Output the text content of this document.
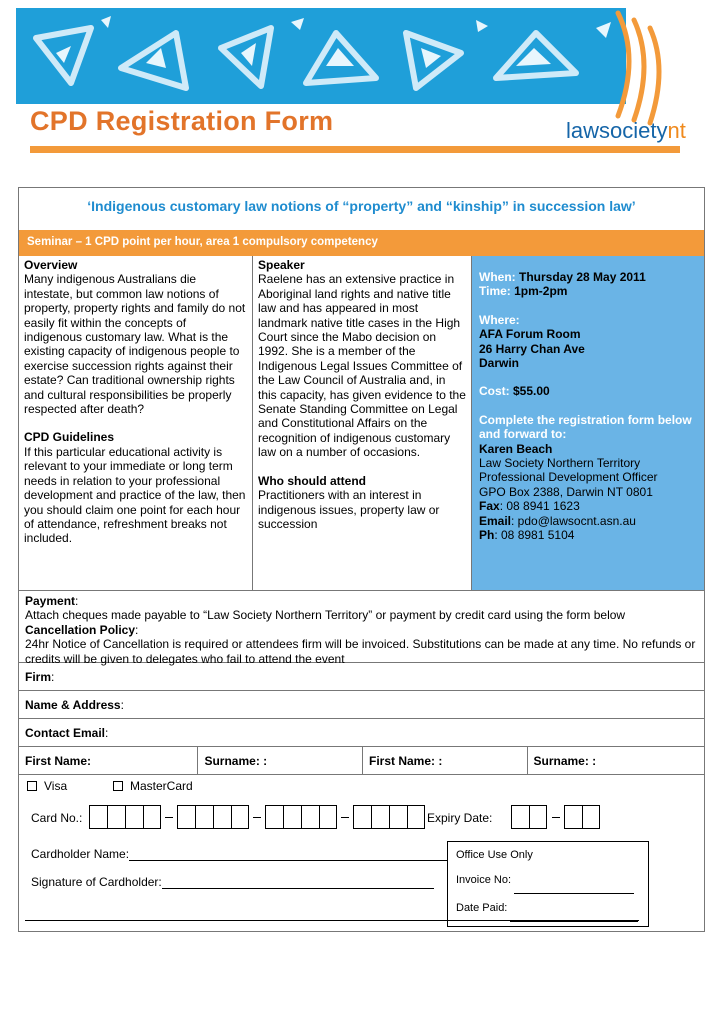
CPD Registration Form	lawsocietynt
‘Indigenous customary law notions of “property” and “kinship” in succession law’
Seminar – 1 CPD point per hour, area 1 compulsory competency
Overview
Many indigenous Australians die intestate, but common law notions of property, property rights and family do not easily fit within the concepts of indigenous customary law. What is the existing capacity of indigenous people to exercise succession rights against their estate? Can traditional ownership rights and cultural responsibilities be properly respected after death?
CPD Guidelines
If this particular educational activity is relevant to your immediate or long term needs in relation to your professional development and practice of the law, then you should claim one point for each hour of attendance, refreshment breaks not included.
Speaker
Raelene has an extensive practice in Aboriginal land rights and native title law and has appeared in most landmark native title cases in the High Court since the Mabo decision on 1992. She is a member of the Indigenous Legal Issues Committee of the Law Council of Australia and, in this capacity, has given evidence to the Senate Standing Committee on Legal and Constitutional Affairs on the recognition of indigenous customary law on a number of occasions.
Who should attend
Practitioners with an interest in indigenous issues, property law or succession
When: Thursday 28 May 2011
Time: 1pm-2pm
Where:
AFA Forum Room
26 Harry Chan Ave
Darwin
Cost: $55.00
Complete the registration form below and forward to:
Karen Beach
Law Society Northern Territory
Professional Development Officer
GPO Box 2388, Darwin NT 0801
Fax: 08 8941 1623
Email: pdo@lawsocnt.asn.au
Ph: 08 8981 5104
Payment:
Attach cheques made payable to “Law Society Northern Territory” or payment by credit card using the form below
Cancellation Policy:
24hr Notice of Cancellation is required or attendees firm will be invoiced. Substitutions can be made at any time. No refunds or credits will be given to delegates who fail to attend the event
Firm:
Name & Address:
Contact Email:
First Name:	Surname: :	First Name: :	Surname: :
Visa	MasterCard
Card No.:	Expiry Date:
Cardholder Name:
Signature of Cardholder:
Office Use Only
Invoice No:
Date Paid:
